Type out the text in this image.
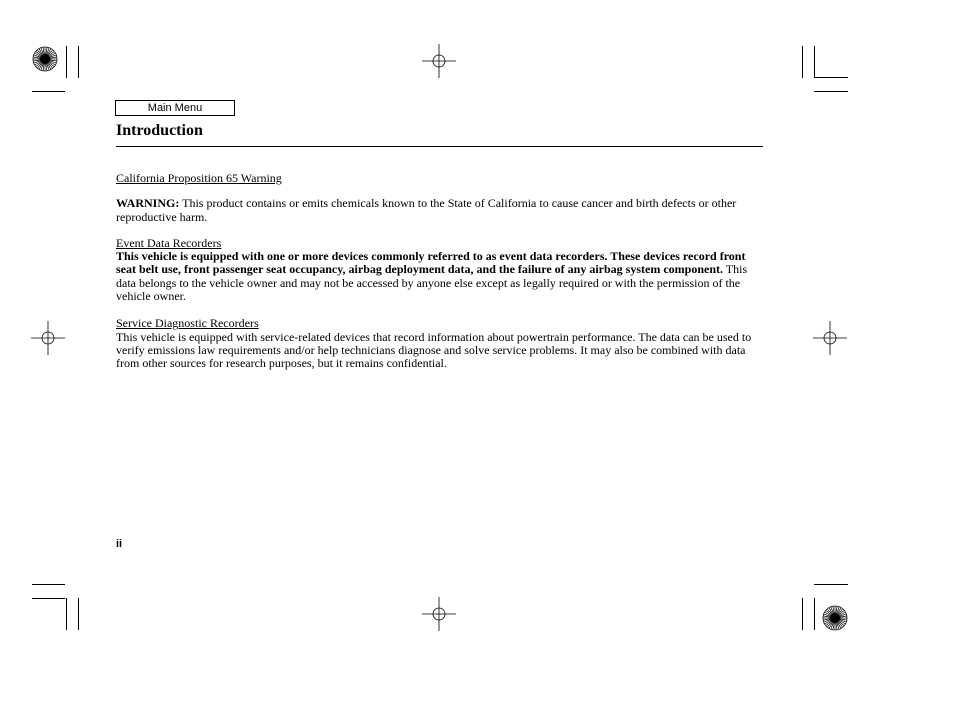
Main Menu
Introduction

California Proposition 65 Warning

WARNING: This product contains or emits chemicals known to the State of California to cause cancer and birth defects or other reproductive harm.

Event Data Recorders

This vehicle is equipped with one or more devices commonly referred to as event data recorders. These devices record front seat belt use, front passenger seat occupancy, airbag deployment data, and the failure of any airbag system component. This data belongs to the vehicle owner and may not be accessed by anyone else except as legally required or with the permission of the vehicle owner.

Service Diagnostic Recorders

This vehicle is equipped with service-related devices that record information about powertrain performance. The data can be used to verify emissions law requirements and/or help technicians diagnose and solve service problems. It may also be combined with data from other sources for research purposes, but it remains confidential.

ii
